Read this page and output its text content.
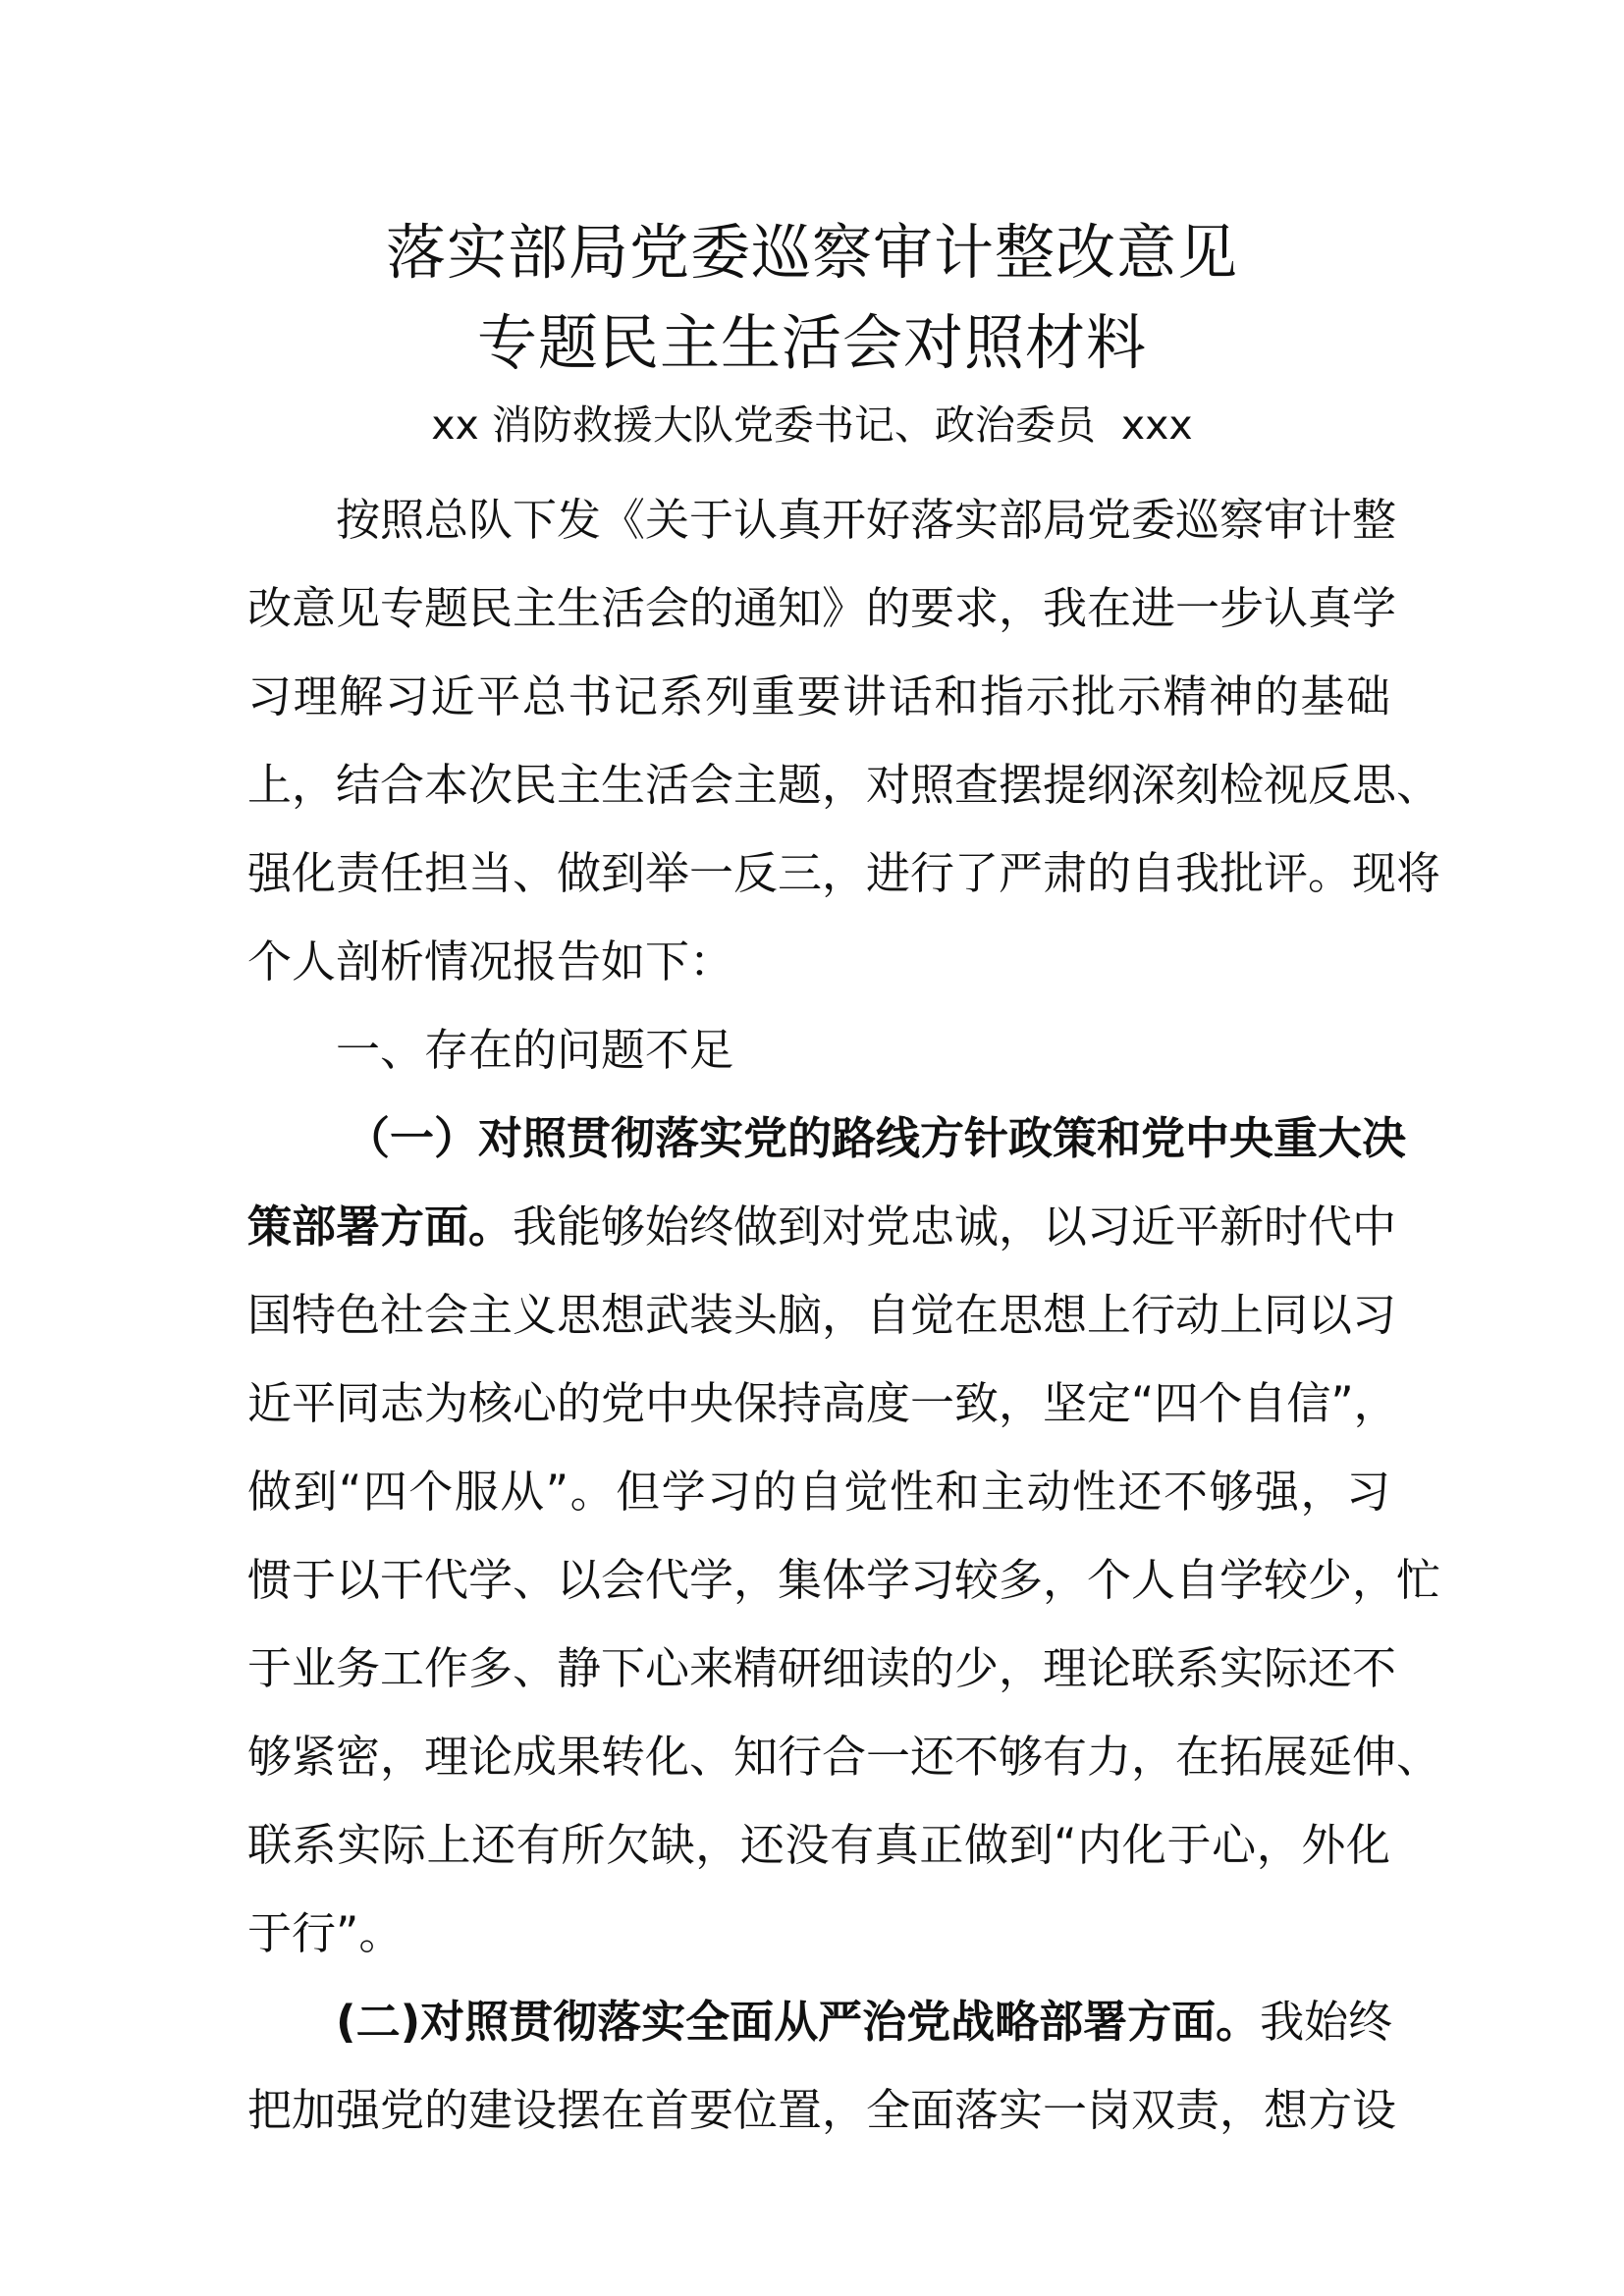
落实部局党委巡察审计整改意见
专题民主生活会对照材料
xx 消防救援大队党委书记、政治委员  xxx
按照总队下发《关于认真开好落实部局党委巡察审计整
改意见专题民主生活会的通知》的要求，我在进一步认真学
习理解习近平总书记系列重要讲话和指示批示精神的基础
上，结合本次民主生活会主题，对照查摆提纲深刻检视反思、
强化责任担当、做到举一反三，进行了严肃的自我批评。现将
个人剖析情况报告如下：
一、存在的问题不足
（一）对照贯彻落实党的路线方针政策和党中央重大决
策部署方面。我能够始终做到对党忠诚，以习近平新时代中
国特色社会主义思想武装头脑，自觉在思想上行动上同以习
近平同志为核心的党中央保持高度一致，坚定“四个自信”，
做到“四个服从”。但学习的自觉性和主动性还不够强，习
惯于以干代学、以会代学，集体学习较多，个人自学较少，忙
于业务工作多、静下心来精研细读的少，理论联系实际还不
够紧密，理论成果转化、知行合一还不够有力，在拓展延伸、
联系实际上还有所欠缺，还没有真正做到“内化于心，外化
于行”。
(二)对照贯彻落实全面从严治党战略部署方面。我始终
把加强党的建设摆在首要位置，全面落实一岗双责，想方设
